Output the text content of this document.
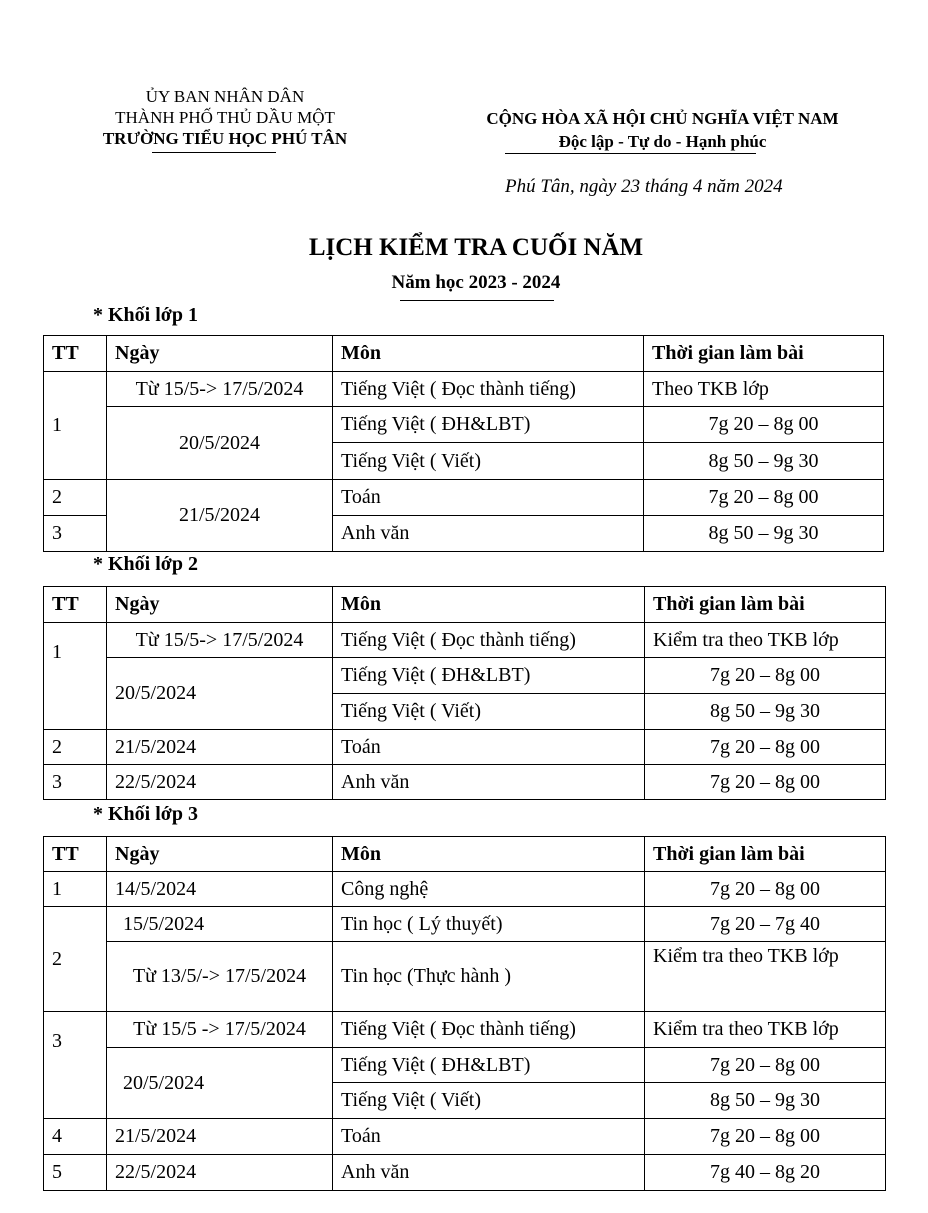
ỦY BAN NHÂN DÂN
THÀNH PHỐ THỦ DẦU MỘT
TRƯỜNG TIỂU HỌC PHÚ TÂN
CỘNG HÒA XÃ HỘI CHỦ NGHĨA VIỆT NAM
Độc lập - Tự do - Hạnh phúc
Phú Tân, ngày 23 tháng 4 năm 2024
LỊCH KIỂM TRA CUỐI NĂM
Năm học 2023 - 2024
* Khối lớp 1
TT	Ngày	Môn	Thời gian làm bài
1	Từ 15/5-> 17/5/2024	Tiếng Việt ( Đọc thành tiếng)	Theo TKB lớp
	20/5/2024	Tiếng Việt ( ĐH&LBT)	7g 20 – 8g 00
		Tiếng Việt ( Viết)	8g 50 – 9g 30
2	21/5/2024	Toán	7g 20 – 8g 00
3		Anh văn	8g 50 – 9g 30
* Khối lớp 2
TT	Ngày	Môn	Thời gian làm bài
1	Từ 15/5-> 17/5/2024	Tiếng Việt ( Đọc thành tiếng)	Kiểm tra theo TKB lớp
	20/5/2024	Tiếng Việt ( ĐH&LBT)	7g 20 – 8g 00
		Tiếng Việt ( Viết)	8g 50 – 9g 30
2	21/5/2024	Toán	7g 20 – 8g 00
3	22/5/2024	Anh văn	7g 20 – 8g 00
* Khối lớp 3
TT	Ngày	Môn	Thời gian làm bài
1	14/5/2024	Công nghệ	7g 20 – 8g 00
2	15/5/2024	Tin học ( Lý thuyết)	7g 20 – 7g 40
	Từ 13/5/-> 17/5/2024	Tin học (Thực hành )	Kiểm tra theo TKB lớp
3	Từ 15/5 -> 17/5/2024	Tiếng Việt ( Đọc thành tiếng)	Kiểm tra theo TKB lớp
	20/5/2024	Tiếng Việt ( ĐH&LBT)	7g 20 – 8g 00
		Tiếng Việt ( Viết)	8g 50 – 9g 30
4	21/5/2024	Toán	7g 20 – 8g 00
5	22/5/2024	Anh văn	7g 40 – 8g 20
